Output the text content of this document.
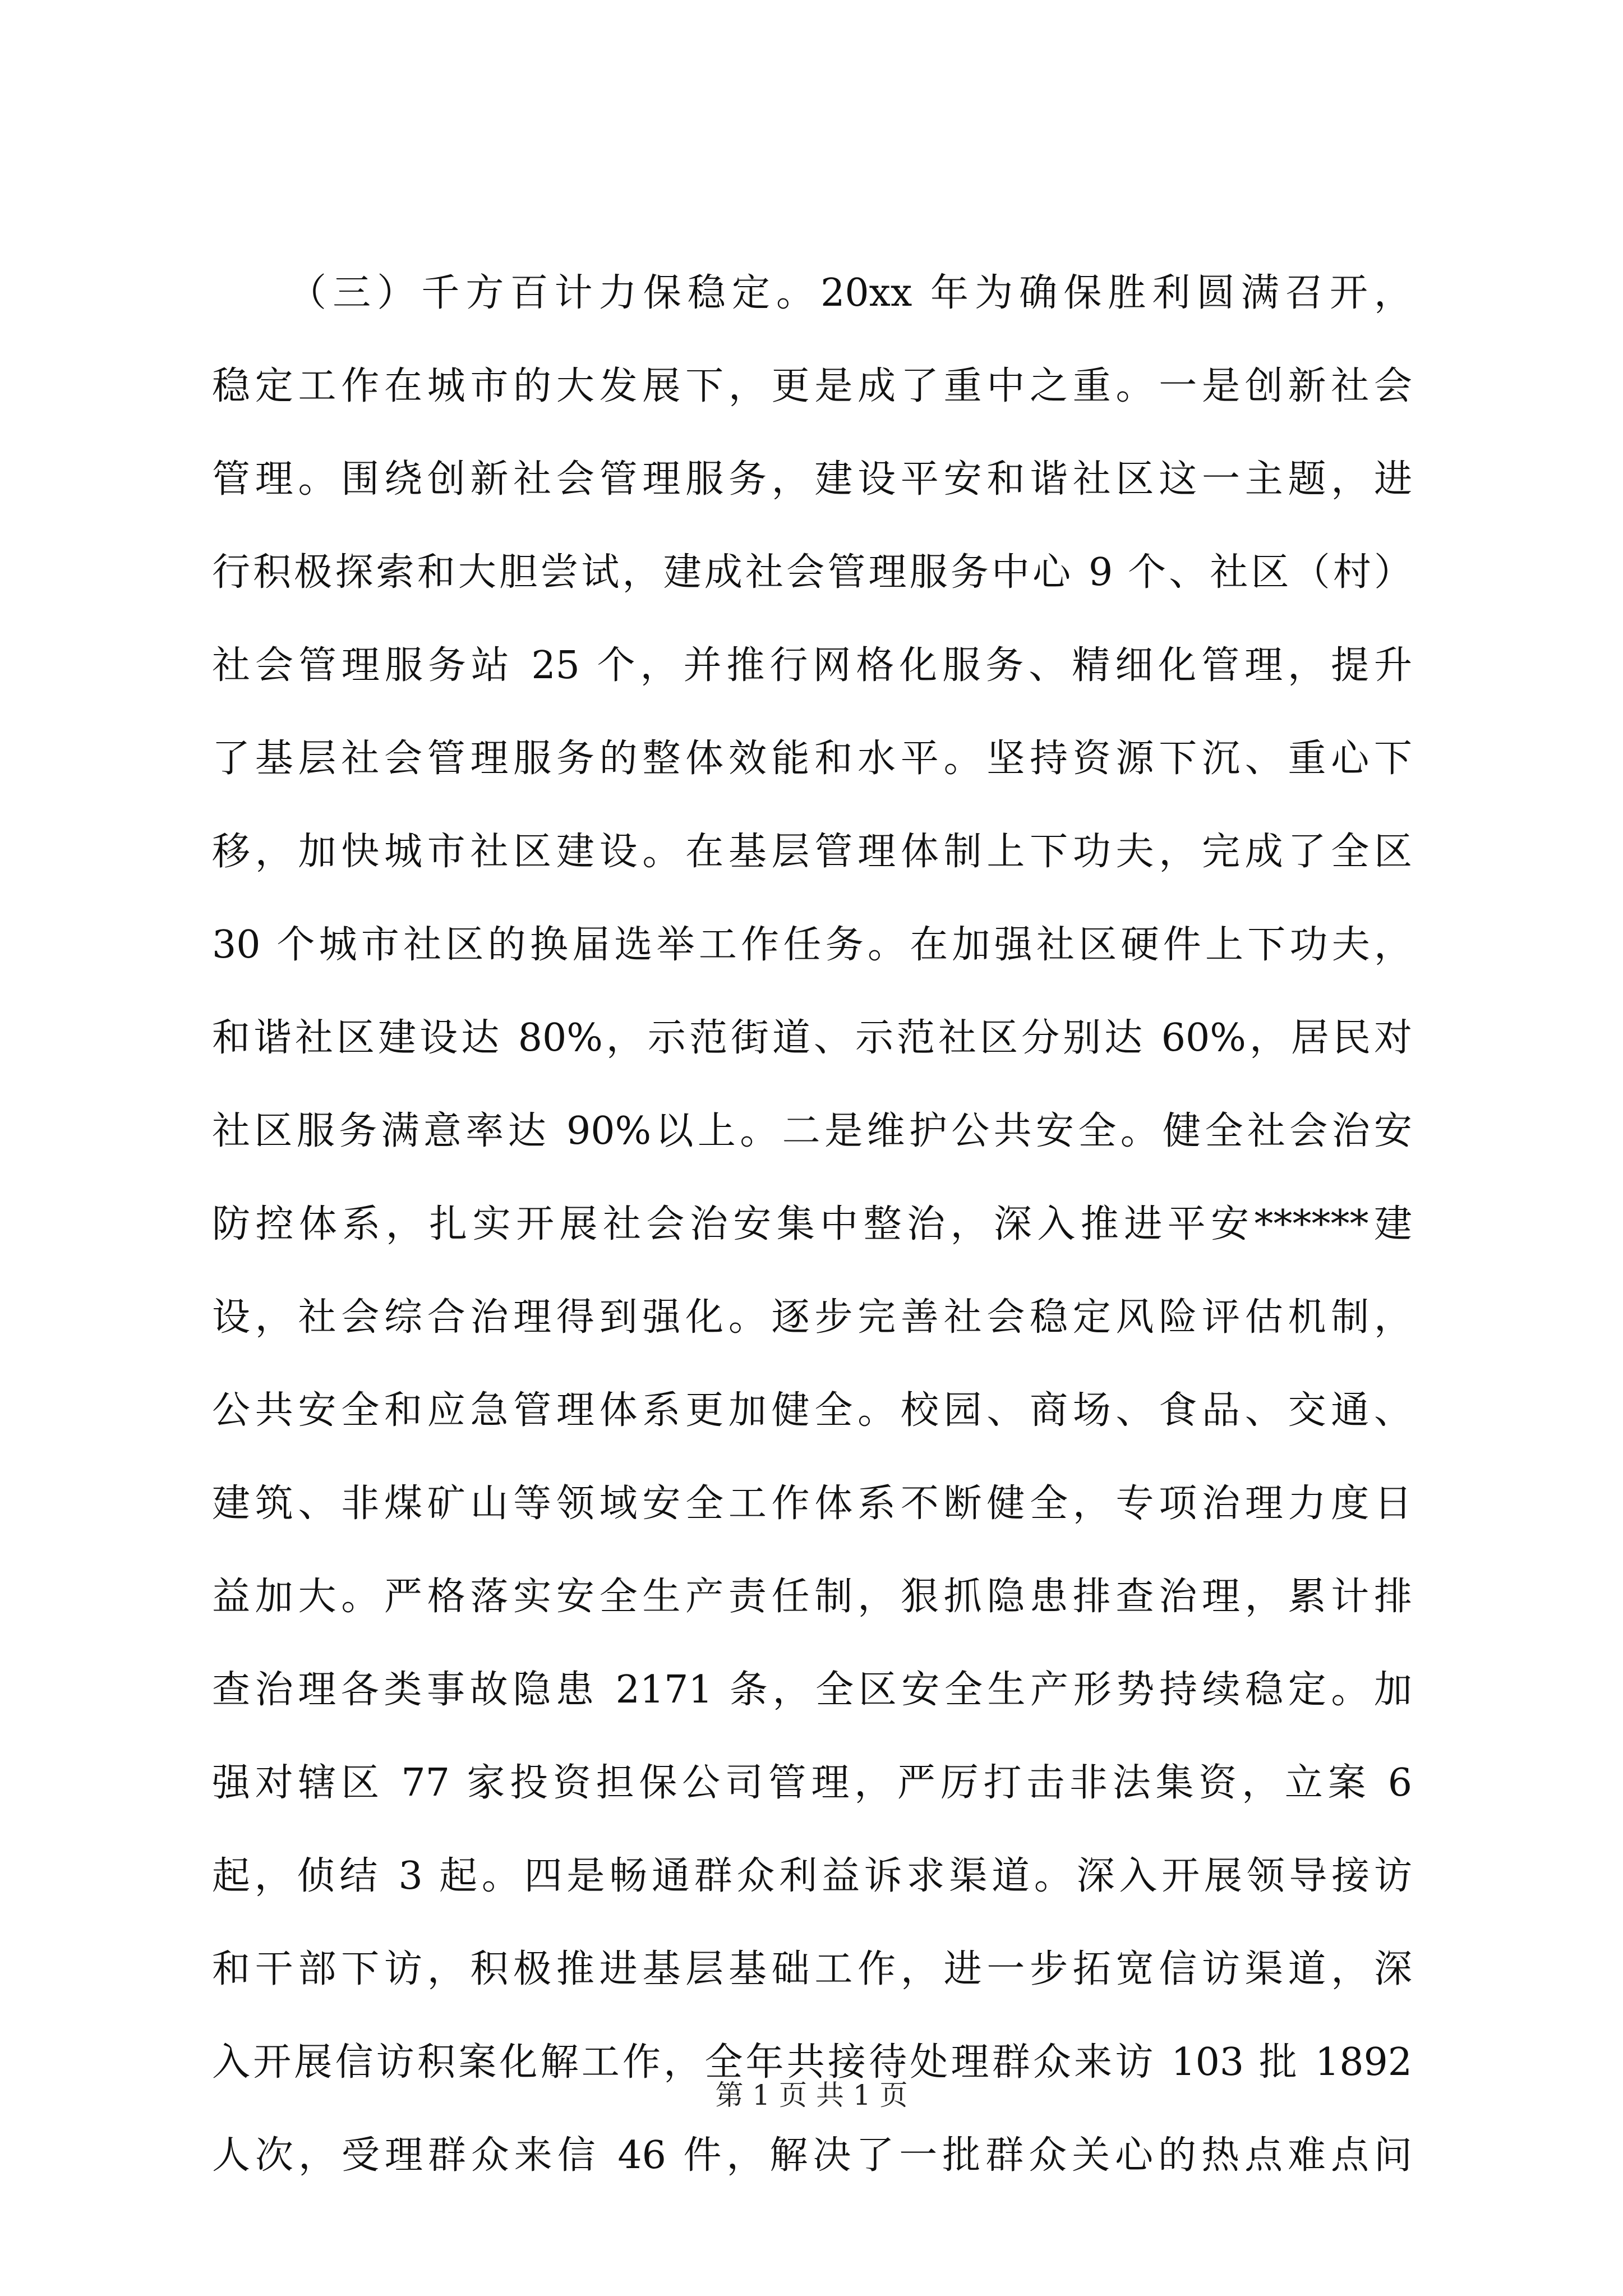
（三）千方百计力保稳定。20xx 年为确保胜利圆满召开，
稳定工作在城市的大发展下，更是成了重中之重。一是创新社会
管理。围绕创新社会管理服务，建设平安和谐社区这一主题，进
行积极探索和大胆尝试，建成社会管理服务中心 9 个、社区（村）
社会管理服务站 25 个，并推行网格化服务、精细化管理，提升
了基层社会管理服务的整体效能和水平。坚持资源下沉、重心下
移，加快城市社区建设。在基层管理体制上下功夫，完成了全区
30 个城市社区的换届选举工作任务。在加强社区硬件上下功夫，
和谐社区建设达 80%，示范街道、示范社区分别达 60%，居民对
社区服务满意率达 90%以上。二是维护公共安全。健全社会治安
防控体系，扎实开展社会治安集中整治，深入推进平安******建
设，社会综合治理得到强化。逐步完善社会稳定风险评估机制，
公共安全和应急管理体系更加健全。校园、商场、食品、交通、
建筑、非煤矿山等领域安全工作体系不断健全，专项治理力度日
益加大。严格落实安全生产责任制，狠抓隐患排查治理，累计排
查治理各类事故隐患 2171 条，全区安全生产形势持续稳定。加
强对辖区 77 家投资担保公司管理，严厉打击非法集资，立案 6
起，侦结 3 起。四是畅通群众利益诉求渠道。深入开展领导接访
和干部下访，积极推进基层基础工作，进一步拓宽信访渠道，深
入开展信访积案化解工作，全年共接待处理群众来访 103 批 1892
人次，受理群众来信 46 件，解决了一批群众关心的热点难点问
第 1 页 共 1 页
